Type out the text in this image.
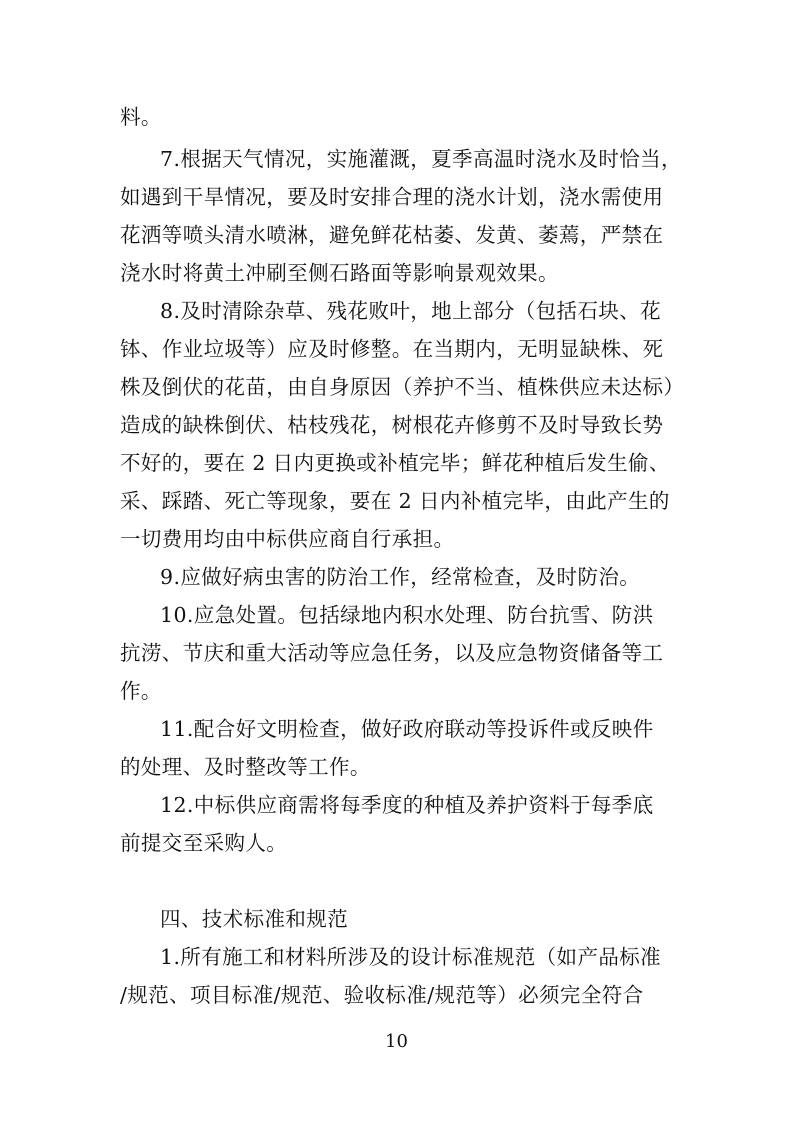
料。
7.根据天气情况，实施灌溉，夏季高温时浇水及时恰当，
如遇到干旱情况，要及时安排合理的浇水计划，浇水需使用
花洒等喷头清水喷淋，避免鲜花枯萎、发黄、萎蔫，严禁在
浇水时将黄土冲刷至侧石路面等影响景观效果。
8.及时清除杂草、残花败叶，地上部分（包括石块、花
钵、作业垃圾等）应及时修整。在当期内，无明显缺株、死
株及倒伏的花苗，由自身原因（养护不当、植株供应未达标）
造成的缺株倒伏、枯枝残花，树根花卉修剪不及时导致长势
不好的，要在 2 日内更换或补植完毕；鲜花种植后发生偷、
采、踩踏、死亡等现象，要在 2 日内补植完毕，由此产生的
一切费用均由中标供应商自行承担。
9.应做好病虫害的防治工作，经常检查，及时防治。
10.应急处置。包括绿地内积水处理、防台抗雪、防洪
抗涝、节庆和重大活动等应急任务，以及应急物资储备等工
作。
11.配合好文明检查，做好政府联动等投诉件或反映件
的处理、及时整改等工作。
12.中标供应商需将每季度的种植及养护资料于每季底
前提交至采购人。
四、技术标准和规范
1.所有施工和材料所涉及的设计标准规范（如产品标准
/规范、项目标准/规范、验收标准/规范等）必须完全符合
10
